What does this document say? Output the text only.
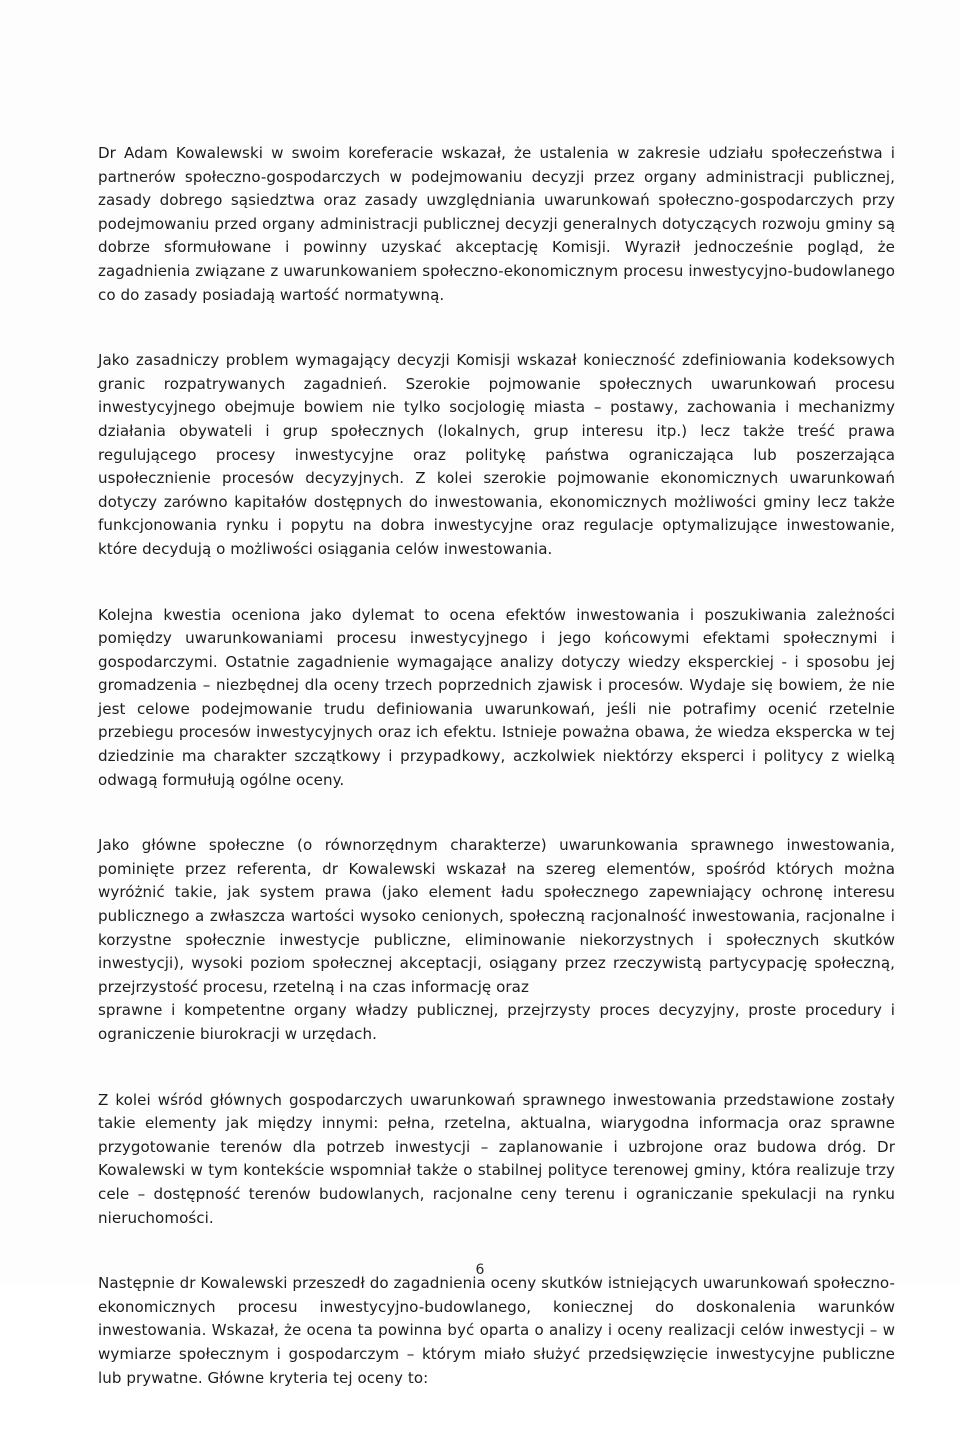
Dr Adam Kowalewski w swoim koreferacie wskazał, że ustalenia w zakresie udziału społeczeństwa i partnerów społeczno-gospodarczych w podejmowaniu decyzji przez organy administracji publicznej, zasady dobrego sąsiedztwa oraz zasady uwzględniania uwarunkowań społeczno-gospodarczych przy podejmowaniu przed organy administracji publicznej decyzji generalnych dotyczących rozwoju gminy są dobrze sformułowane i powinny uzyskać akceptację Komisji. Wyraził jednocześnie pogląd, że zagadnienia związane z uwarunkowaniem społeczno-ekonomicznym procesu inwestycyjno-budowlanego co do zasady posiadają wartość normatywną.

Jako zasadniczy problem wymagający decyzji Komisji wskazał konieczność zdefiniowania kodeksowych granic rozpatrywanych zagadnień. Szerokie pojmowanie społecznych uwarunkowań procesu inwestycyjnego obejmuje bowiem nie tylko socjologię miasta – postawy, zachowania i mechanizmy działania obywateli i grup społecznych (lokalnych, grup interesu itp.) lecz także treść prawa regulującego procesy inwestycyjne oraz politykę państwa ograniczająca lub poszerzająca uspołecznienie procesów decyzyjnych. Z kolei szerokie pojmowanie ekonomicznych uwarunkowań dotyczy zarówno kapitałów dostępnych do inwestowania, ekonomicznych możliwości gminy lecz także funkcjonowania rynku i popytu na dobra inwestycyjne oraz regulacje optymalizujące inwestowanie, które decydują o możliwości osiągania celów inwestowania.

Kolejna kwestia oceniona jako dylemat to ocena efektów inwestowania i poszukiwania zależności pomiędzy uwarunkowaniami procesu inwestycyjnego i jego końcowymi efektami społecznymi i gospodarczymi. Ostatnie zagadnienie wymagające analizy dotyczy wiedzy eksperckiej - i sposobu jej gromadzenia – niezbędnej dla oceny trzech poprzednich zjawisk i procesów. Wydaje się bowiem, że nie jest celowe podejmowanie trudu definiowania uwarunkowań, jeśli nie potrafimy ocenić rzetelnie przebiegu procesów inwestycyjnych oraz ich efektu. Istnieje poważna obawa, że wiedza ekspercka w tej dziedzinie ma charakter szczątkowy i przypadkowy, aczkolwiek niektórzy eksperci i politycy z wielką odwagą formułują ogólne oceny.

Jako główne społeczne (o równorzędnym charakterze) uwarunkowania sprawnego inwestowania, pominięte przez referenta, dr Kowalewski wskazał na szereg elementów, spośród których można wyróżnić takie, jak system prawa (jako element ładu społecznego zapewniający ochronę interesu publicznego a zwłaszcza wartości wysoko cenionych, społeczną racjonalność inwestowania, racjonalne i korzystne społecznie inwestycje publiczne, eliminowanie niekorzystnych i społecznych skutków inwestycji), wysoki poziom społecznej akceptacji, osiągany przez rzeczywistą partycypację społeczną, przejrzystość procesu, rzetelną i na czas informację oraz

sprawne i kompetentne organy władzy publicznej, przejrzysty proces decyzyjny, proste procedury i ograniczenie biurokracji w urzędach.

Z kolei wśród głównych gospodarczych uwarunkowań sprawnego inwestowania przedstawione zostały takie elementy jak między innymi: pełna, rzetelna, aktualna, wiarygodna informacja oraz sprawne przygotowanie terenów dla potrzeb inwestycji – zaplanowanie i uzbrojone oraz budowa dróg. Dr Kowalewski w tym kontekście wspomniał także o stabilnej polityce terenowej gminy, która realizuje trzy cele – dostępność terenów budowlanych, racjonalne ceny terenu i ograniczanie spekulacji na rynku nieruchomości.

Następnie dr Kowalewski przeszedł do zagadnienia oceny skutków istniejących uwarunkowań społeczno-ekonomicznych procesu inwestycyjno-budowlanego, koniecznej do doskonalenia warunków inwestowania. Wskazał, że ocena ta powinna być oparta o analizy i oceny realizacji celów inwestycji – w wymiarze społecznym i gospodarczym – którym miało służyć przedsięwzięcie inwestycyjne publiczne lub prywatne. Główne kryteria tej oceny to:

6
